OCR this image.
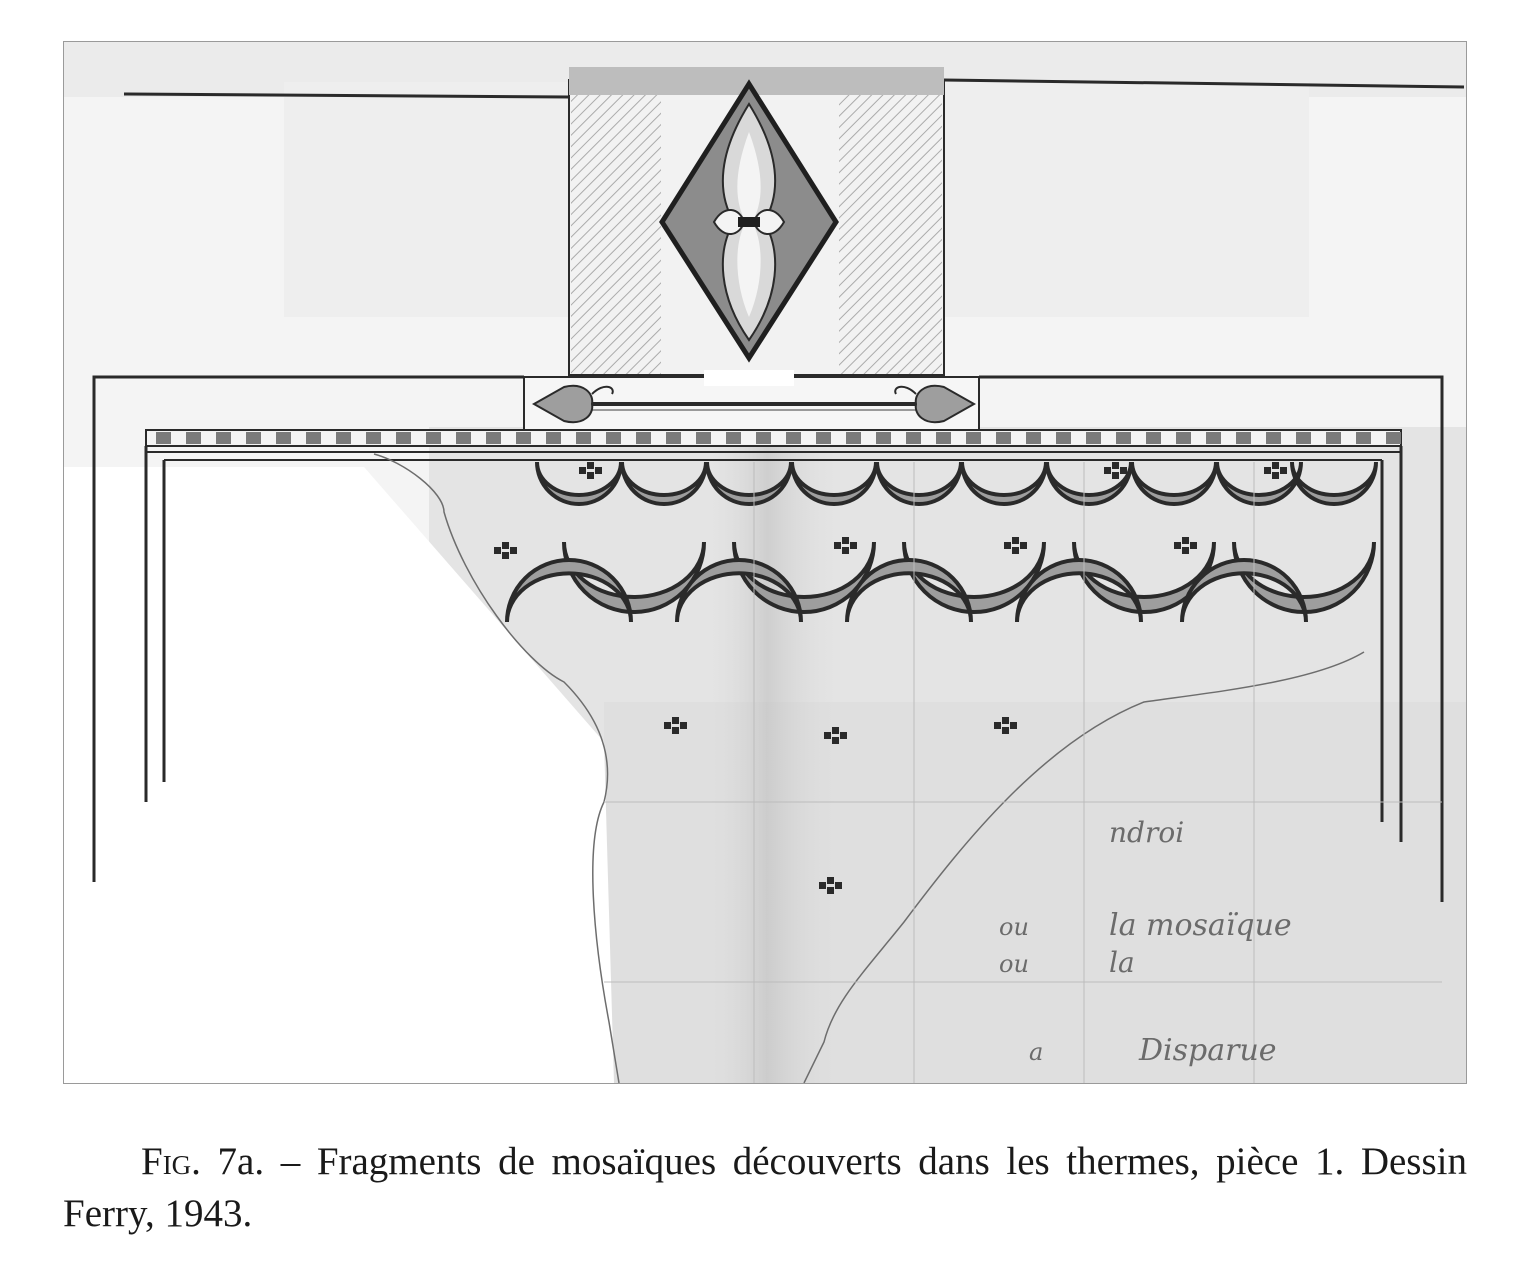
ndroi
ou	la mosaïque
ou	la
a	Disparue
Fig. 7a. – Fragments de mosaïques découverts dans les thermes, pièce 1. Dessin Ferry, 1943.
